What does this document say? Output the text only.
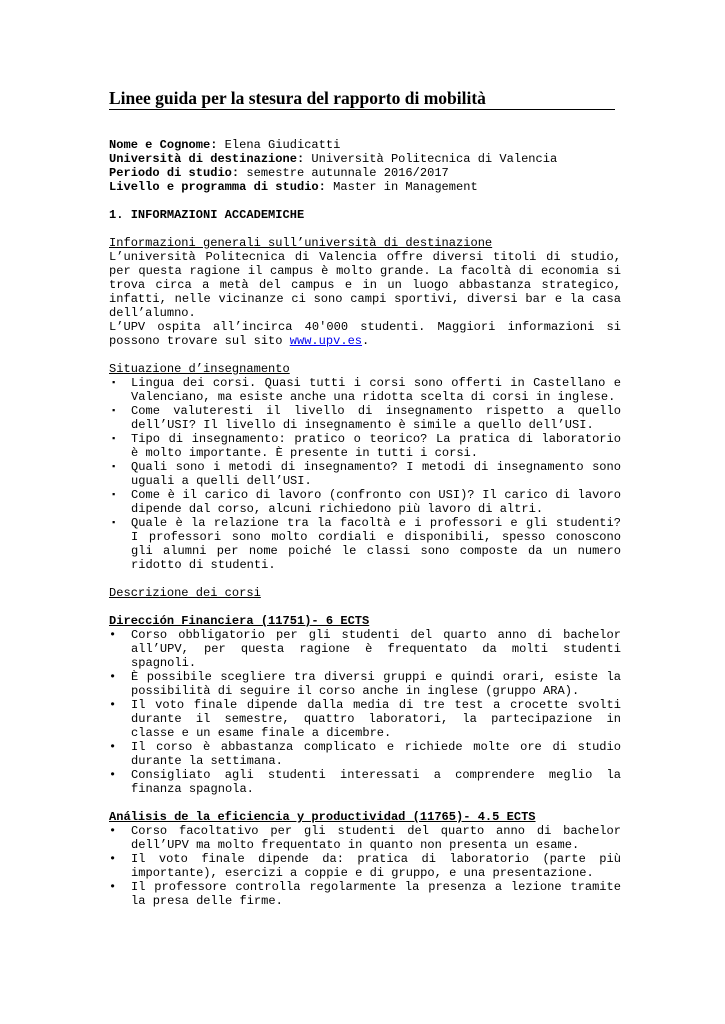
Linee guida per la stesura del rapporto di mobilità
Nome e Cognome: Elena Giudicatti
Università di destinazione: Università Politecnica di Valencia
Periodo di studio: semestre autunnale 2016/2017
Livello e programma di studio: Master in Management
1. INFORMAZIONI ACCADEMICHE
Informazioni generali sull’università di destinazione
L’università Politecnica di Valencia offre diversi titoli di studio, per questa ragione il campus è molto grande. La facoltà di economia si trova circa a metà del campus e in un luogo abbastanza strategico, infatti, nelle vicinanze ci sono campi sportivi, diversi bar e la casa dell’alumno.
L’UPV ospita all’incirca 40'000 studenti. Maggiori informazioni si possono trovare sul sito www.upv.es.
Situazione d’insegnamento
▪ Lingua dei corsi. Quasi tutti i corsi sono offerti in Castellano e Valenciano, ma esiste anche una ridotta scelta di corsi in inglese.
▪ Come valuteresti il livello di insegnamento rispetto a quello dell’USI? Il livello di insegnamento è simile a quello dell’USI.
▪ Tipo di insegnamento: pratico o teorico? La pratica di laboratorio è molto importante. È presente in tutti i corsi.
▪ Quali sono i metodi di insegnamento? I metodi di insegnamento sono uguali a quelli dell’USI.
▪ Come è il carico di lavoro (confronto con USI)? Il carico di lavoro dipende dal corso, alcuni richiedono più lavoro di altri.
▪ Quale è la relazione tra la facoltà e i professori e gli studenti? I professori sono molto cordiali e disponibili, spesso conoscono gli alumni per nome poiché le classi sono composte da un numero ridotto di studenti.
Descrizione dei corsi
Dirección Financiera (11751)- 6 ECTS
• Corso obbligatorio per gli studenti del quarto anno di bachelor all’UPV, per questa ragione è frequentato da molti studenti spagnoli.
• È possibile scegliere tra diversi gruppi e quindi orari, esiste la possibilità di seguire il corso anche in inglese (gruppo ARA).
• Il voto finale dipende dalla media di tre test a crocette svolti durante il semestre, quattro laboratori, la partecipazione in classe e un esame finale a dicembre.
• Il corso è abbastanza complicato e richiede molte ore di studio durante la settimana.
• Consigliato agli studenti interessati a comprendere meglio la finanza spagnola.
Análisis de la eficiencia y productividad (11765)- 4.5 ECTS
• Corso facoltativo per gli studenti del quarto anno di bachelor dell’UPV ma molto frequentato in quanto non presenta un esame.
• Il voto finale dipende da: pratica di laboratorio (parte più importante), esercizi a coppie e di gruppo, e una presentazione.
• Il professore controlla regolarmente la presenza a lezione tramite la presa delle firme.
